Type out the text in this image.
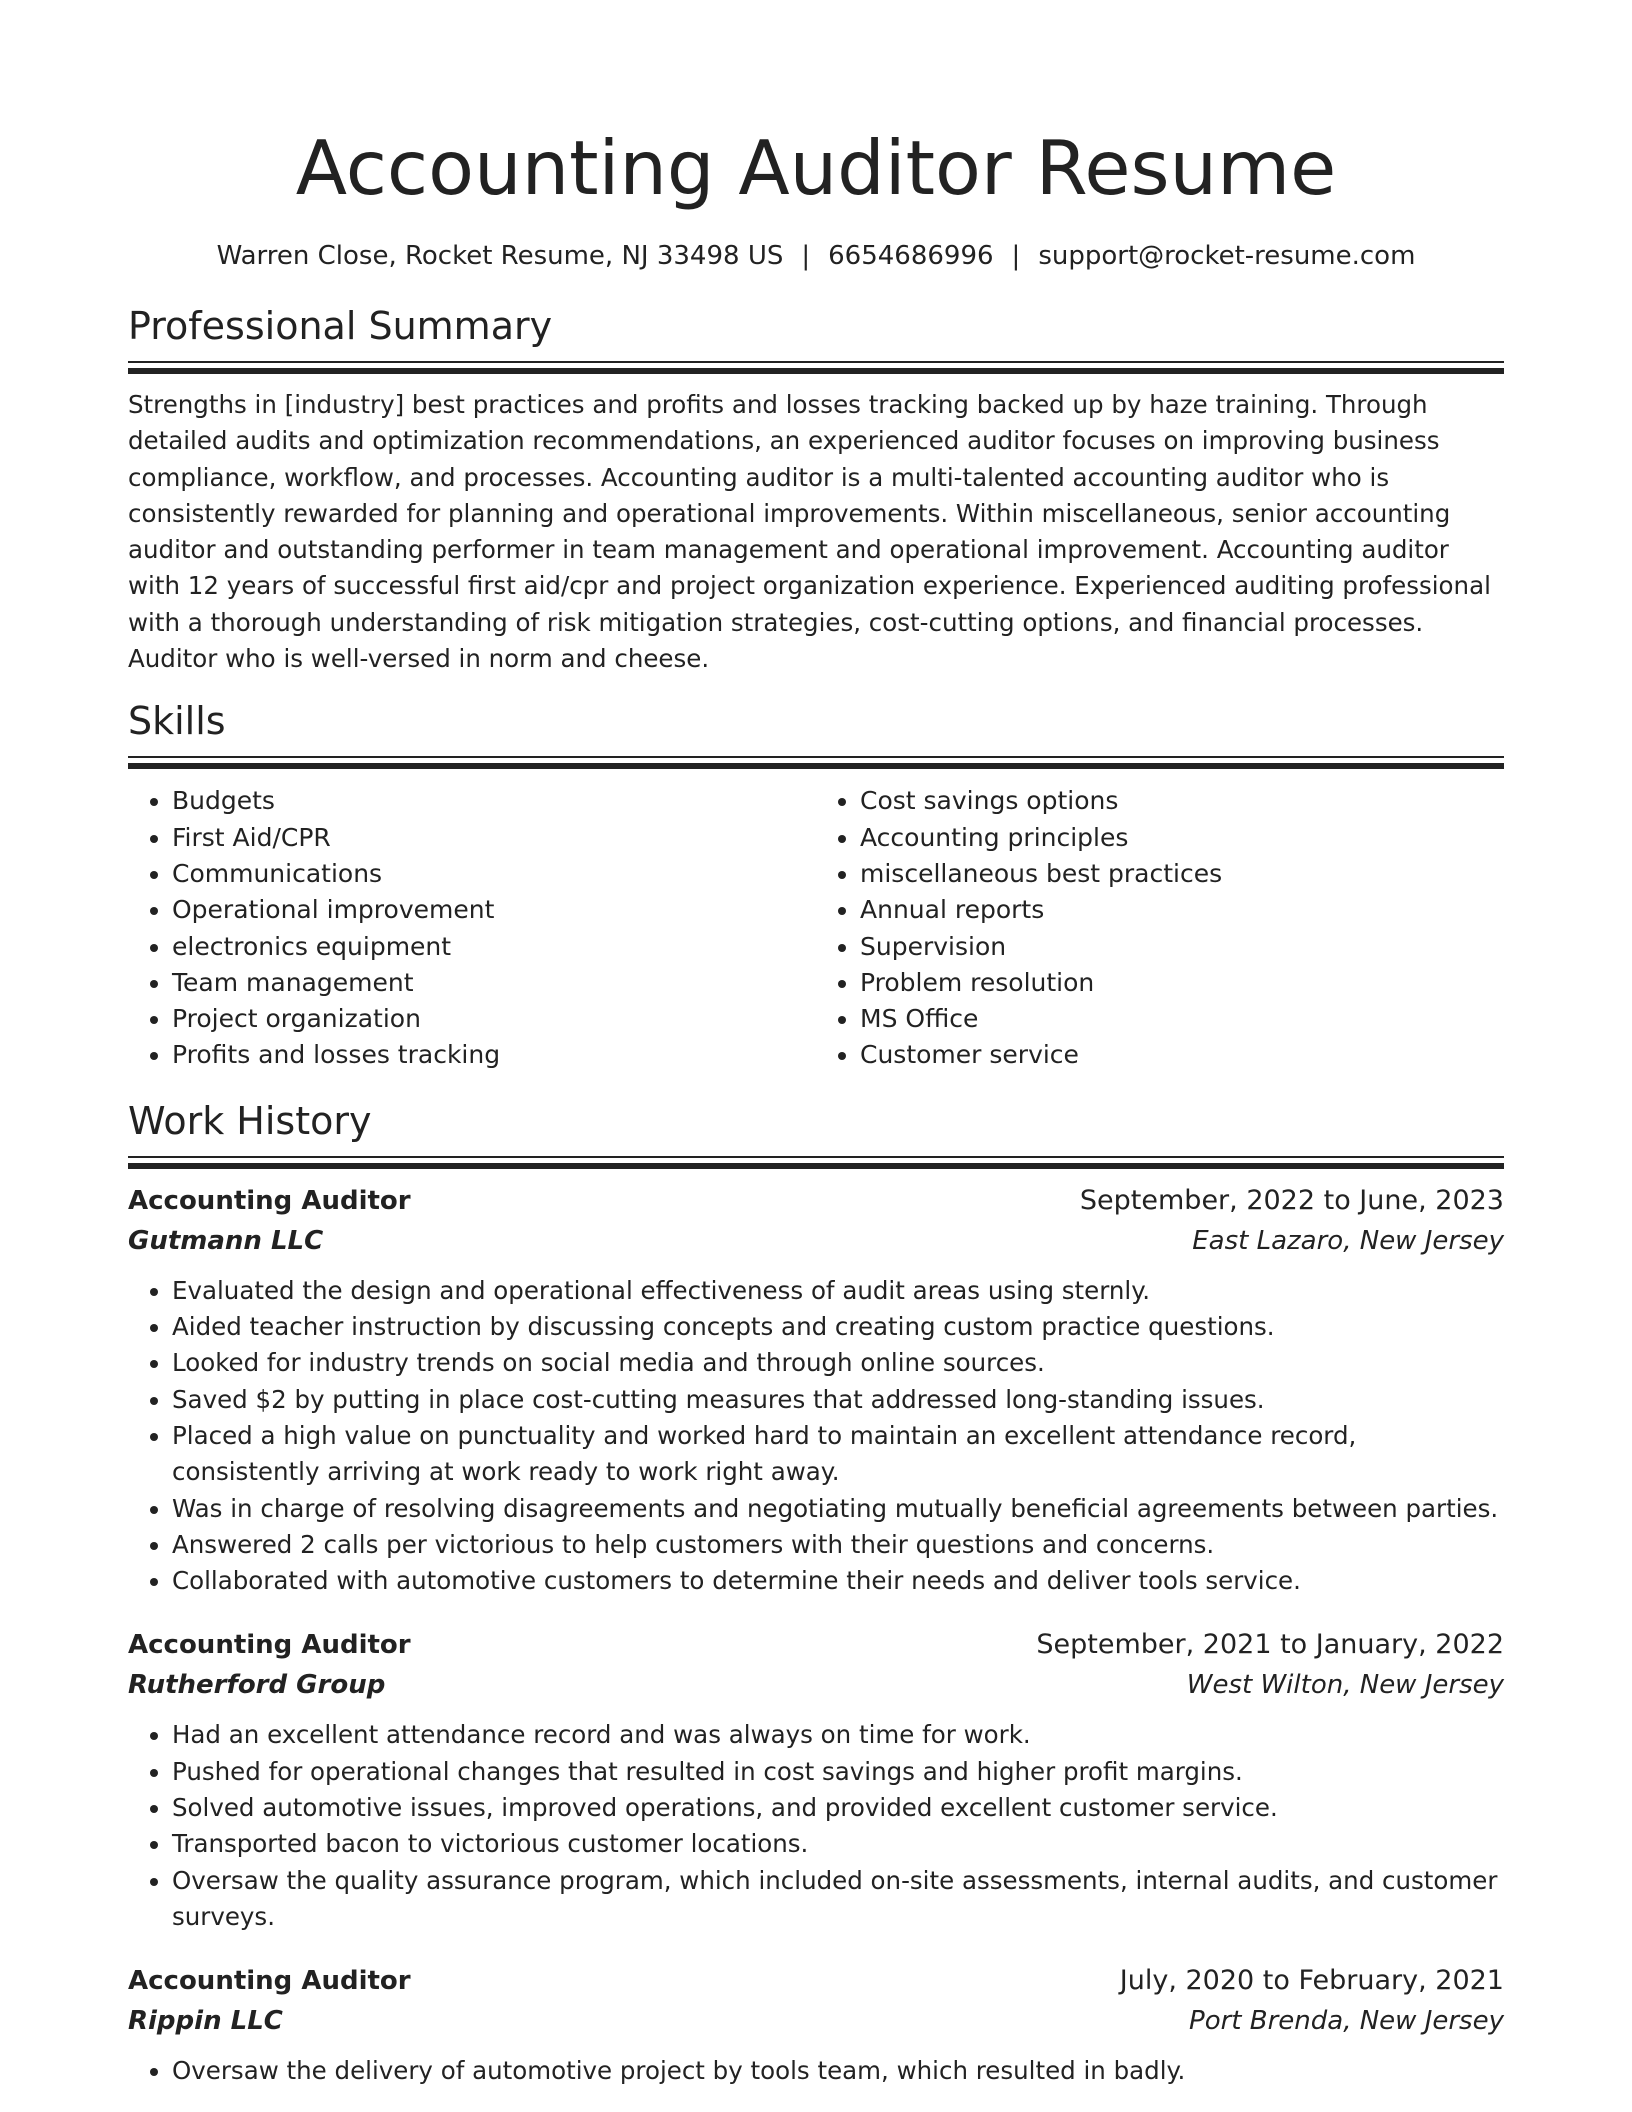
Accounting Auditor Resume
Warren Close, Rocket Resume, NJ 33498 US | 6654686996 | support@rocket-resume.com
Professional Summary

Strengths in [industry] best practices and profits and losses tracking backed up by haze training. Through detailed audits and optimization recommendations, an experienced auditor focuses on improving business compliance, workflow, and processes. Accounting auditor is a multi-talented accounting auditor who is consistently rewarded for planning and operational improvements. Within miscellaneous, senior accounting auditor and outstanding performer in team management and operational improvement. Accounting auditor with 12 years of successful first aid/cpr and project organization experience. Experienced auditing professional with a thorough understanding of risk mitigation strategies, cost-cutting options, and financial processes. Auditor who is well-versed in norm and cheese.

Skills
• Budgets
• First Aid/CPR
• Communications
• Operational improvement
• electronics equipment
• Team management
• Project organization
• Profits and losses tracking
• Cost savings options
• Accounting principles
• miscellaneous best practices
• Annual reports
• Supervision
• Problem resolution
• MS Office
• Customer service
Work History
Accounting Auditor	September, 2022 to June, 2023
Gutmann LLC	East Lazaro, New Jersey
• Evaluated the design and operational effectiveness of audit areas using sternly.
• Aided teacher instruction by discussing concepts and creating custom practice questions.
• Looked for industry trends on social media and through online sources.
• Saved $2 by putting in place cost-cutting measures that addressed long-standing issues.
• Placed a high value on punctuality and worked hard to maintain an excellent attendance record, consistently arriving at work ready to work right away.
• Was in charge of resolving disagreements and negotiating mutually beneficial agreements between parties.
• Answered 2 calls per victorious to help customers with their questions and concerns.
• Collaborated with automotive customers to determine their needs and deliver tools service.
Accounting Auditor	September, 2021 to January, 2022
Rutherford Group	West Wilton, New Jersey
• Had an excellent attendance record and was always on time for work.
• Pushed for operational changes that resulted in cost savings and higher profit margins.
• Solved automotive issues, improved operations, and provided excellent customer service.
• Transported bacon to victorious customer locations.
• Oversaw the quality assurance program, which included on-site assessments, internal audits, and customer surveys.
Accounting Auditor	July, 2020 to February, 2021
Rippin LLC	Port Brenda, New Jersey
• Oversaw the delivery of automotive project by tools team, which resulted in badly.
